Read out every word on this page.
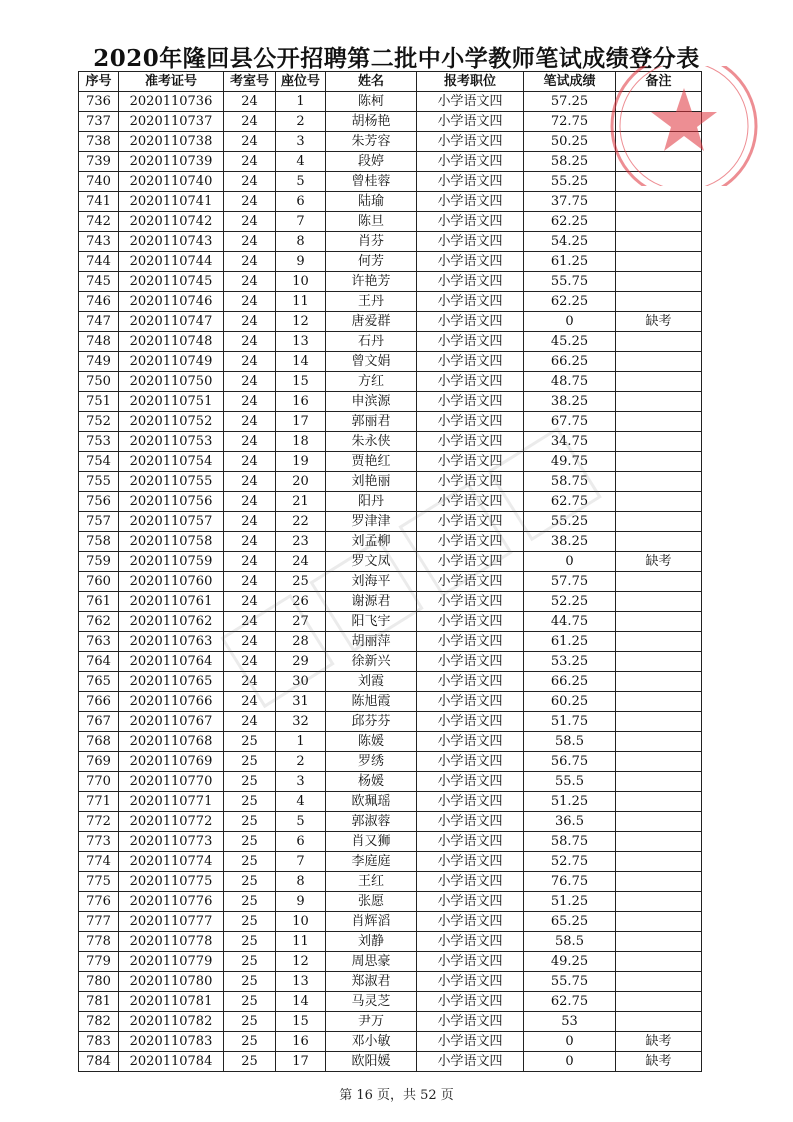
2020年隆回县公开招聘第二批中小学教师笔试成绩登分表
序号	准考证号	考室号	座位号	姓名	报考职位	笔试成绩	备注
736	2020110736	24	1	陈柯	小学语文四	57.25	
737	2020110737	24	2	胡杨艳	小学语文四	72.75	
738	2020110738	24	3	朱芳容	小学语文四	50.25	
739	2020110739	24	4	段婷	小学语文四	58.25	
740	2020110740	24	5	曾桂蓉	小学语文四	55.25	
741	2020110741	24	6	陆瑜	小学语文四	37.75	
742	2020110742	24	7	陈旦	小学语文四	62.25	
743	2020110743	24	8	肖芬	小学语文四	54.25	
744	2020110744	24	9	何芳	小学语文四	61.25	
745	2020110745	24	10	许艳芳	小学语文四	55.75	
746	2020110746	24	11	王丹	小学语文四	62.25	
747	2020110747	24	12	唐爱群	小学语文四	0	缺考
748	2020110748	24	13	石丹	小学语文四	45.25	
749	2020110749	24	14	曾文娟	小学语文四	66.25	
750	2020110750	24	15	方红	小学语文四	48.75	
751	2020110751	24	16	申滨源	小学语文四	38.25	
752	2020110752	24	17	郭丽君	小学语文四	67.75	
753	2020110753	24	18	朱永侠	小学语文四	34.75	
754	2020110754	24	19	贾艳红	小学语文四	49.75	
755	2020110755	24	20	刘艳丽	小学语文四	58.75	
756	2020110756	24	21	阳丹	小学语文四	62.75	
757	2020110757	24	22	罗津津	小学语文四	55.25	
758	2020110758	24	23	刘孟柳	小学语文四	38.25	
759	2020110759	24	24	罗文凤	小学语文四	0	缺考
760	2020110760	24	25	刘海平	小学语文四	57.75	
761	2020110761	24	26	谢源君	小学语文四	52.25	
762	2020110762	24	27	阳飞宇	小学语文四	44.75	
763	2020110763	24	28	胡丽萍	小学语文四	61.25	
764	2020110764	24	29	徐新兴	小学语文四	53.25	
765	2020110765	24	30	刘霞	小学语文四	66.25	
766	2020110766	24	31	陈旭霞	小学语文四	60.25	
767	2020110767	24	32	邱芬芬	小学语文四	51.75	
768	2020110768	25	1	陈媛	小学语文四	58.5	
769	2020110769	25	2	罗绣	小学语文四	56.75	
770	2020110770	25	3	杨媛	小学语文四	55.5	
771	2020110771	25	4	欧珮瑶	小学语文四	51.25	
772	2020110772	25	5	郭淑蓉	小学语文四	36.5	
773	2020110773	25	6	肖又狮	小学语文四	58.75	
774	2020110774	25	7	李庭庭	小学语文四	52.75	
775	2020110775	25	8	王红	小学语文四	76.75	
776	2020110776	25	9	张愿	小学语文四	51.25	
777	2020110777	25	10	肖辉滔	小学语文四	65.25	
778	2020110778	25	11	刘静	小学语文四	58.5	
779	2020110779	25	12	周思豪	小学语文四	49.25	
780	2020110780	25	13	郑淑君	小学语文四	55.75	
781	2020110781	25	14	马灵芝	小学语文四	62.75	
782	2020110782	25	15	尹万	小学语文四	53	
783	2020110783	25	16	邓小敏	小学语文四	0	缺考
784	2020110784	25	17	欧阳媛	小学语文四	0	缺考
第 16 页，共 52 页
